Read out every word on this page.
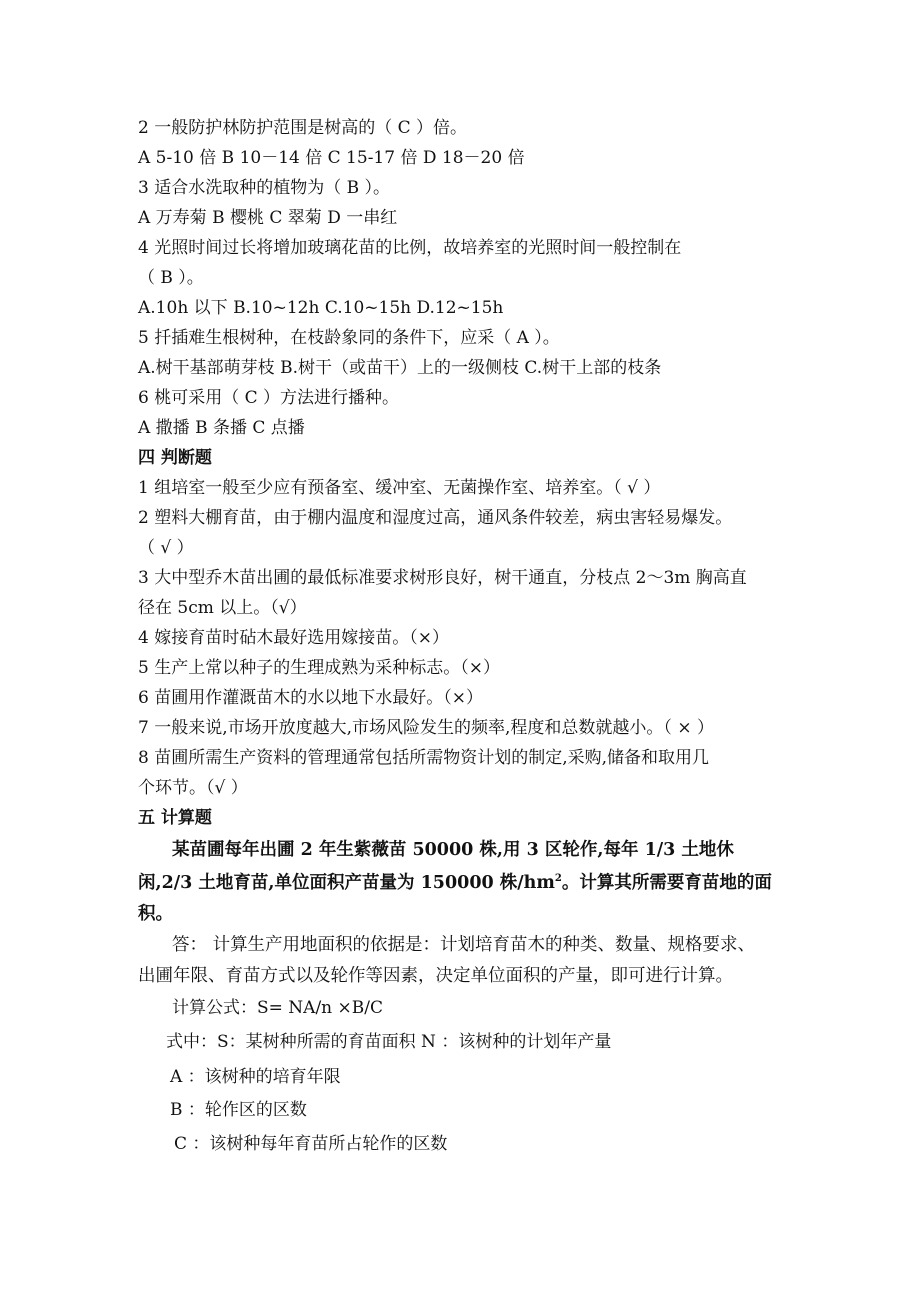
2 一般防护林防护范围是树高的（ C ）倍。
A 5-10 倍 B 10－14 倍 C 15-17 倍 D 18－20 倍
3 适合水洗取种的植物为（ B ）。
A 万寿菊 B 樱桃 C 翠菊 D 一串红
4 光照时间过长将增加玻璃花苗的比例，故培养室的光照时间一般控制在
（ B ）。
A.10h 以下 B.10~12h C.10~15h D.12~15h
5 扦插难生根树种，在枝龄象同的条件下，应采（ A ）。
A.树干基部萌芽枝 B.树干（或苗干）上的一级侧枝 C.树干上部的枝条
6 桃可采用（ C ）方法进行播种。
A 撒播 B 条播 C 点播
四 判断题
1 组培室一般至少应有预备室、缓冲室、无菌操作室、培养室。（ √ ）
2 塑料大棚育苗，由于棚内温度和湿度过高，通风条件较差，病虫害轻易爆发。
（ √ ）
3 大中型乔木苗出圃的最低标准要求树形良好，树干通直，分枝点 2～3m 胸高直
径在 5cm 以上。（√）
4 嫁接育苗时砧木最好选用嫁接苗。（×）
5 生产上常以种子的生理成熟为采种标志。（×）
6 苗圃用作灌溉苗木的水以地下水最好。（×）
7 一般来说,市场开放度越大,市场风险发生的频率,程度和总数就越小。（ × ）
8 苗圃所需生产资料的管理通常包括所需物资计划的制定,采购,储备和取用几
个环节。（√ ）
五 计算题
某苗圃每年出圃 2 年生紫薇苗 50000 株,用 3 区轮作,每年 1/3 土地休
闲,2/3 土地育苗,单位面积产苗量为 150000 株$/hm^2$。计算其所需要育苗地的面
积。
答： 计算生产用地面积的依据是：计划培育苗木的种类、数量、规格要求、
出圃年限、育苗方式以及轮作等因素，决定单位面积的产量，即可进行计算。
计算公式：S= NA/n ×B/C
式中：S：某树种所需的育苗面积 N ：该树种的计划年产量
A ：该树种的培育年限
B ：轮作区的区数
C ：该树种每年育苗所占轮作的区数
